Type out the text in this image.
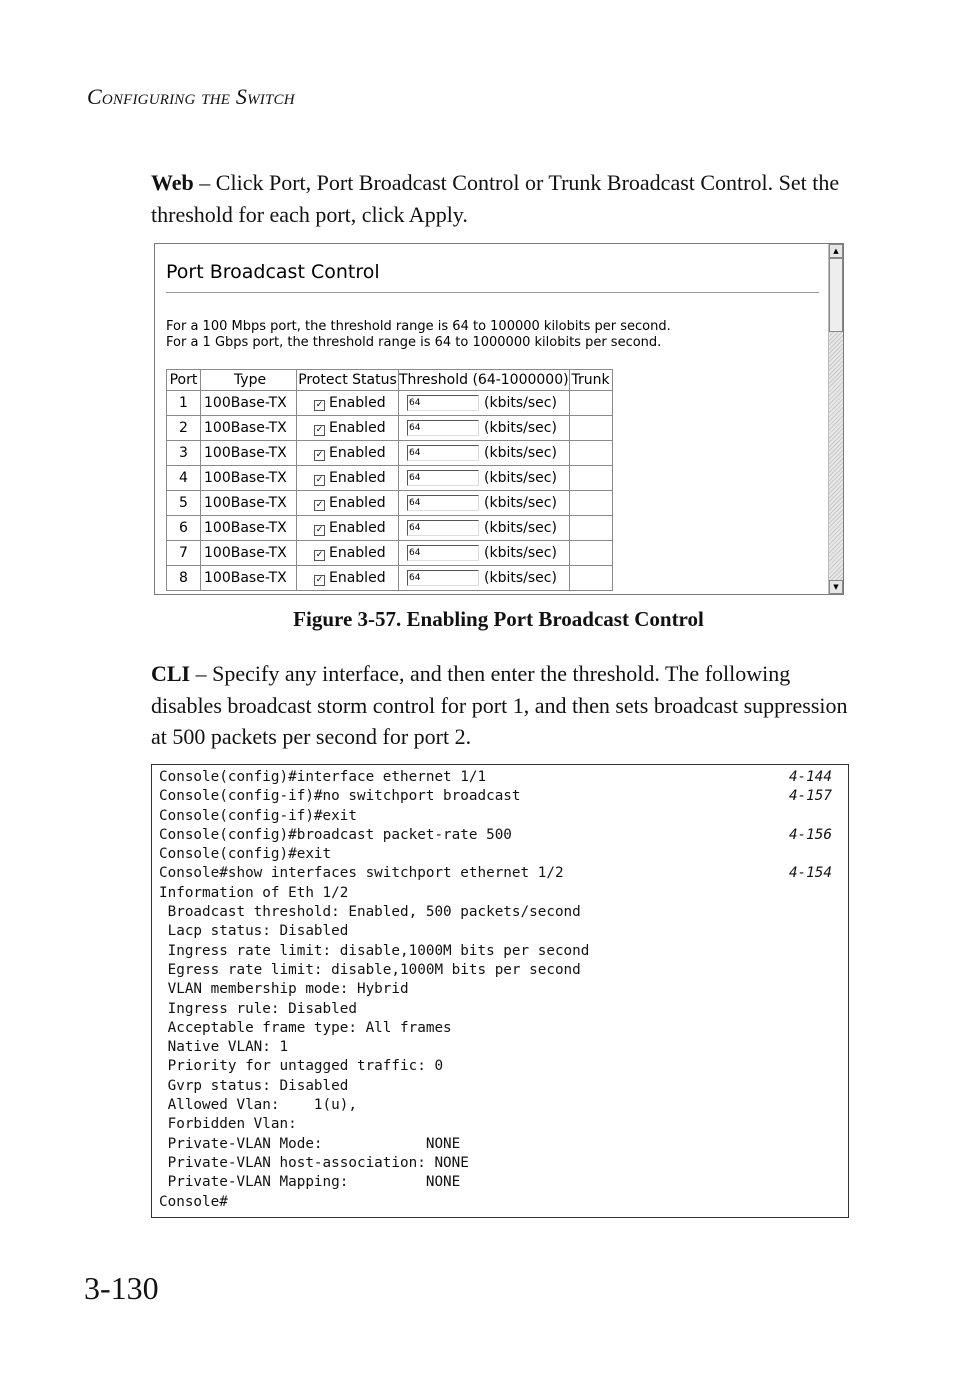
Configuring the Switch
Web – Click Port, Port Broadcast Control or Trunk Broadcast Control. Set the threshold for each port, click Apply.
Port Broadcast Control
For a 100 Mbps port, the threshold range is 64 to 100000 kilobits per second.
For a 1 Gbps port, the threshold range is 64 to 1000000 kilobits per second.
Port	Type	Protect Status	Threshold (64-1000000)	Trunk
1	100Base-TX	✓ Enabled	64 (kbits/sec)	
2	100Base-TX	✓ Enabled	64 (kbits/sec)	
3	100Base-TX	✓ Enabled	64 (kbits/sec)	
4	100Base-TX	✓ Enabled	64 (kbits/sec)	
5	100Base-TX	✓ Enabled	64 (kbits/sec)	
6	100Base-TX	✓ Enabled	64 (kbits/sec)	
7	100Base-TX	✓ Enabled	64 (kbits/sec)	
8	100Base-TX	✓ Enabled	64 (kbits/sec)	
▲
▼
Figure 3-57. Enabling Port Broadcast Control
CLI – Specify any interface, and then enter the threshold. The following disables broadcast storm control for port 1, and then sets broadcast suppression at 500 packets per second for port 2.
Console(config)#interface ethernet 1/1	4-144
Console(config-if)#no switchport broadcast	4-157
Console(config-if)#exit
Console(config)#broadcast packet-rate 500	4-156
Console(config)#exit
Console#show interfaces switchport ethernet 1/2	4-154
Information of Eth 1/2
Broadcast threshold: Enabled, 500 packets/second
Lacp status: Disabled
Ingress rate limit: disable,1000M bits per second
Egress rate limit: disable,1000M bits per second
VLAN membership mode: Hybrid
Ingress rule: Disabled
Acceptable frame type: All frames
Native VLAN: 1
Priority for untagged traffic: 0
Gvrp status: Disabled
Allowed Vlan:    1(u),
Forbidden Vlan:
Private-VLAN Mode:            NONE
Private-VLAN host-association: NONE
Private-VLAN Mapping:         NONE
Console#
3-130
